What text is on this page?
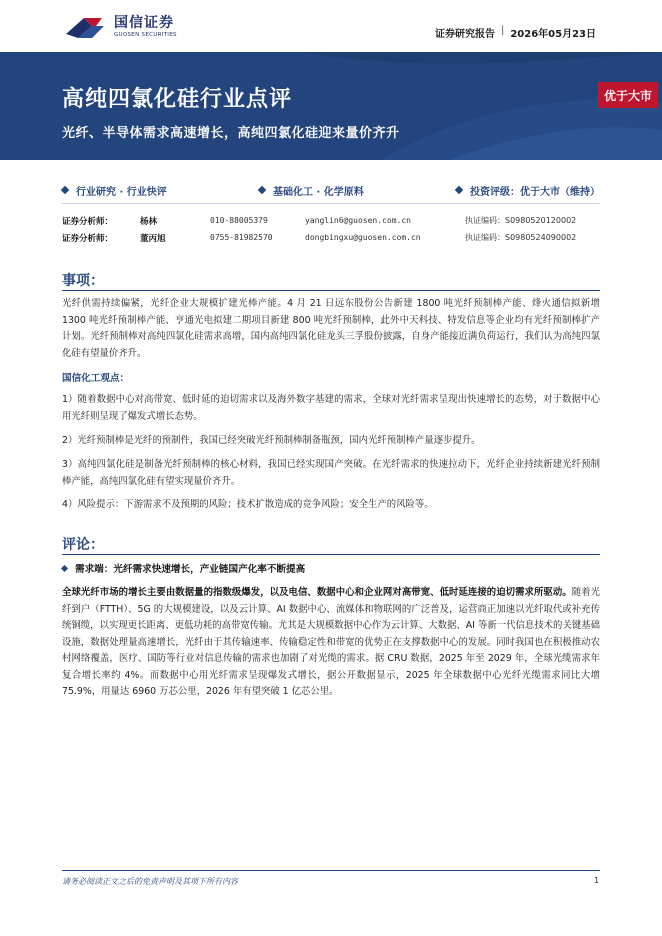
国信证券
GUOSEN SECURITIES	证券研究报告 | 2026年05月23日
高纯四氯化硅行业点评
光纤、半导体需求高速增长，高纯四氯化硅迎来量价齐升
优于大市
行业研究 · 行业快评	基础化工 · 化学原料	投资评级：优于大市（维持）
证券分析师：	杨林	010-88005379	yanglin6@guosen.com.cn	执证编码：S0980520120002
证券分析师：	董丙旭	0755-81982570	dongbingxu@guosen.com.cn	执证编码：S0980524090002
事项：
光纤供需持续偏紧，光纤企业大规模扩建光棒产能。4 月 21 日远东股份公告新建 1800 吨光纤预制棒产能、烽火通信拟新增 1300 吨光纤预制棒产能、亨通光电拟建二期项目新建 800 吨光纤预制棒，此外中天科技、特发信息等企业均有光纤预制棒扩产计划。光纤预制棒对高纯四氯化硅需求高增，国内高纯四氯化硅龙头三孚股份披露，自身产能接近满负荷运行，我们认为高纯四氯化硅有望量价齐升。
国信化工观点：
1）随着数据中心对高带宽、低时延的迫切需求以及海外数字基建的需求，全球对光纤需求呈现出快速增长的态势，对于数据中心用光纤则呈现了爆发式增长态势。
2）光纤预制棒是光纤的预制件，我国已经突破光纤预制棒制备瓶颈，国内光纤预制棒产量逐步提升。
3）高纯四氯化硅是制备光纤预制棒的核心材料，我国已经实现国产突破。在光纤需求的快速拉动下，光纤企业持续新建光纤预制棒产能，高纯四氯化硅有望实现量价齐升。
4）风险提示：下游需求不及预期的风险；技术扩散造成的竞争风险；安全生产的风险等。
评论：
需求端：光纤需求快速增长，产业链国产化率不断提高
全球光纤市场的增长主要由数据量的指数级爆发，以及电信、数据中心和企业网对高带宽、低时延连接的迫切需求所驱动。随着光纤到户（FTTH）、5G 的大规模建设，以及云计算、AI 数据中心、流媒体和物联网的广泛普及，运营商正加速以光纤取代或补充传统铜缆，以实现更长距离、更低功耗的高带宽传输。尤其是大规模数据中心作为云计算、大数据、AI 等新一代信息技术的关键基础设施，数据处理量高速增长，光纤由于其传输速率、传输稳定性和带宽的优势正在支撑数据中心的发展。同时我国也在积极推动农村网络覆盖，医疗、国防等行业对信息传输的需求也加剧了对光缆的需求。据 CRU 数据，2025 年至 2029 年，全球光缆需求年复合增长率约 4%。而数据中心用光纤需求呈现爆发式增长，据公开数据显示，2025 年全球数据中心光纤光缆需求同比大增 75.9%，用量达 6960 万芯公里，2026 年有望突破 1 亿芯公里。
请务必阅读正文之后的免责声明及其项下所有内容	1
